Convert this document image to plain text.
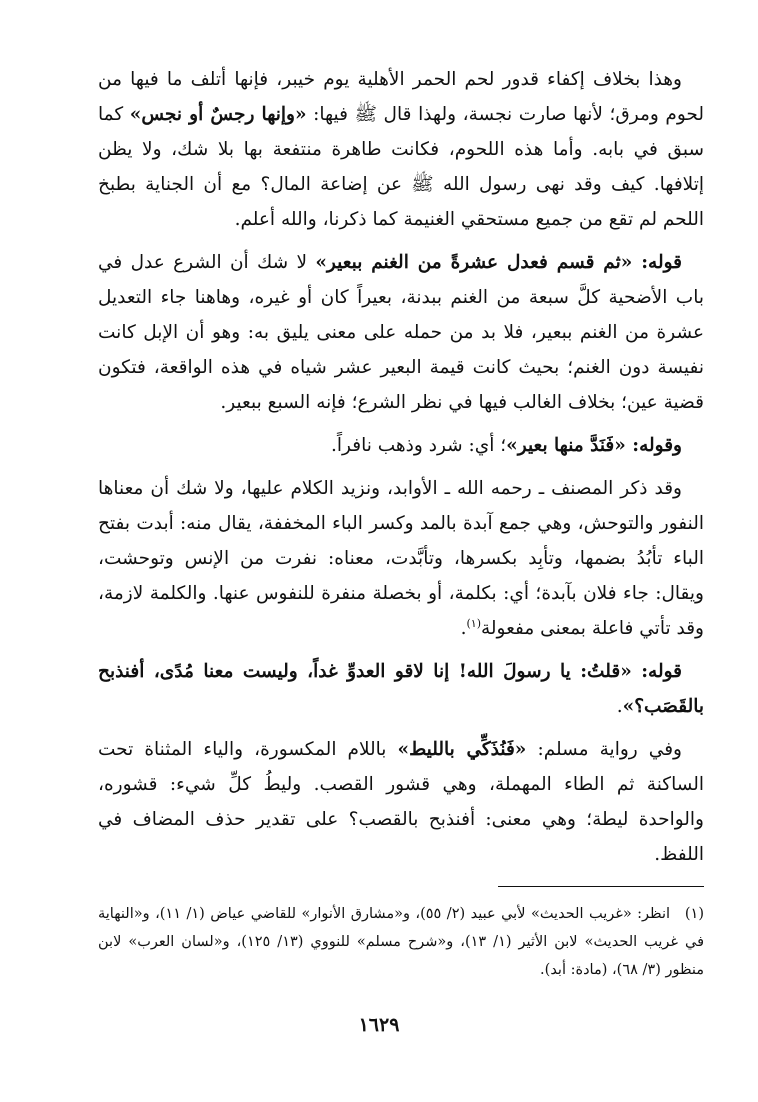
وهذا بخلاف إكفاء قدور لحم الحمر الأهلية يوم خيبر، فإنها أتلف ما فيها من لحوم ومرق؛ لأنها صارت نجسة، ولهذا قال ﷺ فيها: «وإنها رجسٌ أو نجس» كما سبق في بابه. وأما هذه اللحوم، فكانت طاهرة منتفعة بها بلا شك، ولا يظن إتلافها. كيف وقد نهى رسول الله ﷺ عن إضاعة المال؟ مع أن الجناية بطبخ اللحم لم تقع من جميع مستحقي الغنيمة كما ذكرنا، والله أعلم.

قوله: «ثم قسم فعدل عشرةً من الغنم ببعير» لا شك أن الشرع عدل في باب الأضحية كلَّ سبعة من الغنم ببدنة، بعيراً كان أو غيره، وهاهنا جاء التعديل عشرة من الغنم ببعير، فلا بد من حمله على معنى يليق به: وهو أن الإبل كانت نفيسة دون الغنم؛ بحيث كانت قيمة البعير عشر شياه في هذه الواقعة، فتكون قضية عين؛ بخلاف الغالب فيها في نظر الشرع؛ فإنه السبع ببعير.

وقوله: «فَنَدَّ منها بعير»؛ أي: شرد وذهب نافراً.

وقد ذكر المصنف ـ رحمه الله ـ الأوابد، ونزيد الكلام عليها، ولا شك أن معناها النفور والتوحش، وهي جمع آبدة بالمد وكسر الباء المخففة، يقال منه: أبدت بفتح الباء تأبُدُ بضمها، وتأبِد بكسرها، وتأبَّدت، معناه: نفرت من الإنس وتوحشت، ويقال: جاء فلان بآبدة؛ أي: بكلمة، أو بخصلة منفرة للنفوس عنها. والكلمة لازمة، وقد تأتي فاعلة بمعنى مفعولة$^{(١)}$.

قوله: «قلتُ: يا رسولَ الله! إنا لاقو العدوِّ غداً، وليست معنا مُدًى، أفنذبح بالقَصَب؟».

وفي رواية مسلم: «فَنُذَكِّي بالليط» باللام المكسورة، والياء المثناة تحت الساكنة ثم الطاء المهملة، وهي قشور القصب. وليطُ كلِّ شيء: قشوره، والواحدة ليطة؛ وهي معنى: أفنذبح بالقصب؟ على تقدير حذف المضاف في اللفظ.

(١)انظر: «غريب الحديث» لأبي عبيد (٢/ ٥٥)، و«مشارق الأنوار» للقاضي عياض (١/ ١١)، و«النهاية في غريب الحديث» لابن الأثير (١/ ١٣)، و«شرح مسلم» للنووي (١٣/ ١٢٥)، و«لسان العرب» لابن منظور (٣/ ٦٨)، (مادة: أبد).
١٦٢٩
